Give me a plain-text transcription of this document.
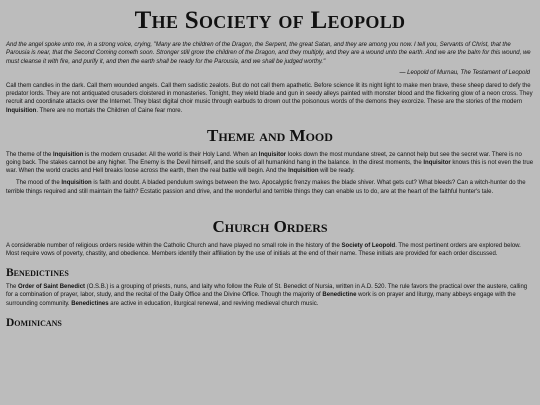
The Society of Leopold

And the angel spoke unto me, in a strong voice, crying, "Many are the children of the Dragon, the Serpent, the great Satan, and they are among you now. I tell you, Servants of Christ, that the Parousia is near, that the Second Coming cometh soon. Stronger still grow the children of the Dragon, and they multiply, and they are a wound unto the earth. And we are the balm for this wound, we must cleanse it with fire, and purify it, and then the earth shall be ready for the Parousia, and we shall be judged worthy."

— Leopold of Murnau, The Testament of Leopold

Call them candles in the dark. Call them wounded angels. Call them sadistic zealots. But do not call them apathetic. Before science lit its night light to make men brave, these sheep dared to defy the predator lords. They are not antiquated crusaders cloistered in monasteries. Tonight, they wield blade and gun in seedy alleys painted with monster blood and the flickering glow of a neon cross. They recruit and coordinate attacks over the Internet. They blast digital choir music through earbuds to drown out the poisonous words of the demons they exorcize. These are the stories of the modern Inquisition. There are no mortals the Children of Caine fear more.

Theme and Mood

The theme of the Inquisition is the modern crusader. All the world is their Holy Land. When an Inquisitor looks down the most mundane street, ze cannot help but see the secret war. There is no going back. The stakes cannot be any higher. The Enemy is the Devil himself, and the souls of all humankind hang in the balance. In the direst moments, the Inquisitor knows this is not even the true war. When the world cracks and Hell breaks loose across the earth, then the real battle will begin. And the Inquisition will be ready.

The mood of the Inquisition is faith and doubt. A bladed pendulum swings between the two. Apocalyptic frenzy makes the blade shiver. What gets cut? What bleeds? Can a witch-hunter do the terrible things required and still maintain the faith? Ecstatic passion and drive, and the wonderful and terrible things they can enable us to do, are at the heart of the faithful hunter's tale.

Church Orders

A considerable number of religious orders reside within the Catholic Church and have played no small role in the history of the Society of Leopold. The most pertinent orders are explored below. Most require vows of poverty, chastity, and obedience. Members identify their affiliation by the use of initials at the end of their name. These initials are provided for each order discussed.

Benedictines

The Order of Saint Benedict (O.S.B.) is a grouping of priests, nuns, and laity who follow the Rule of St. Benedict of Nursia, written in A.D. 520. The rule favors the practical over the austere, calling for a combination of prayer, labor, study, and the recital of the Daily Office and the Divine Office. Though the majority of Benedictine work is on prayer and liturgy, many abbeys engage with the surrounding community. Benedictines are active in education, liturgical renewal, and reviving medieval church music.

Dominicans
